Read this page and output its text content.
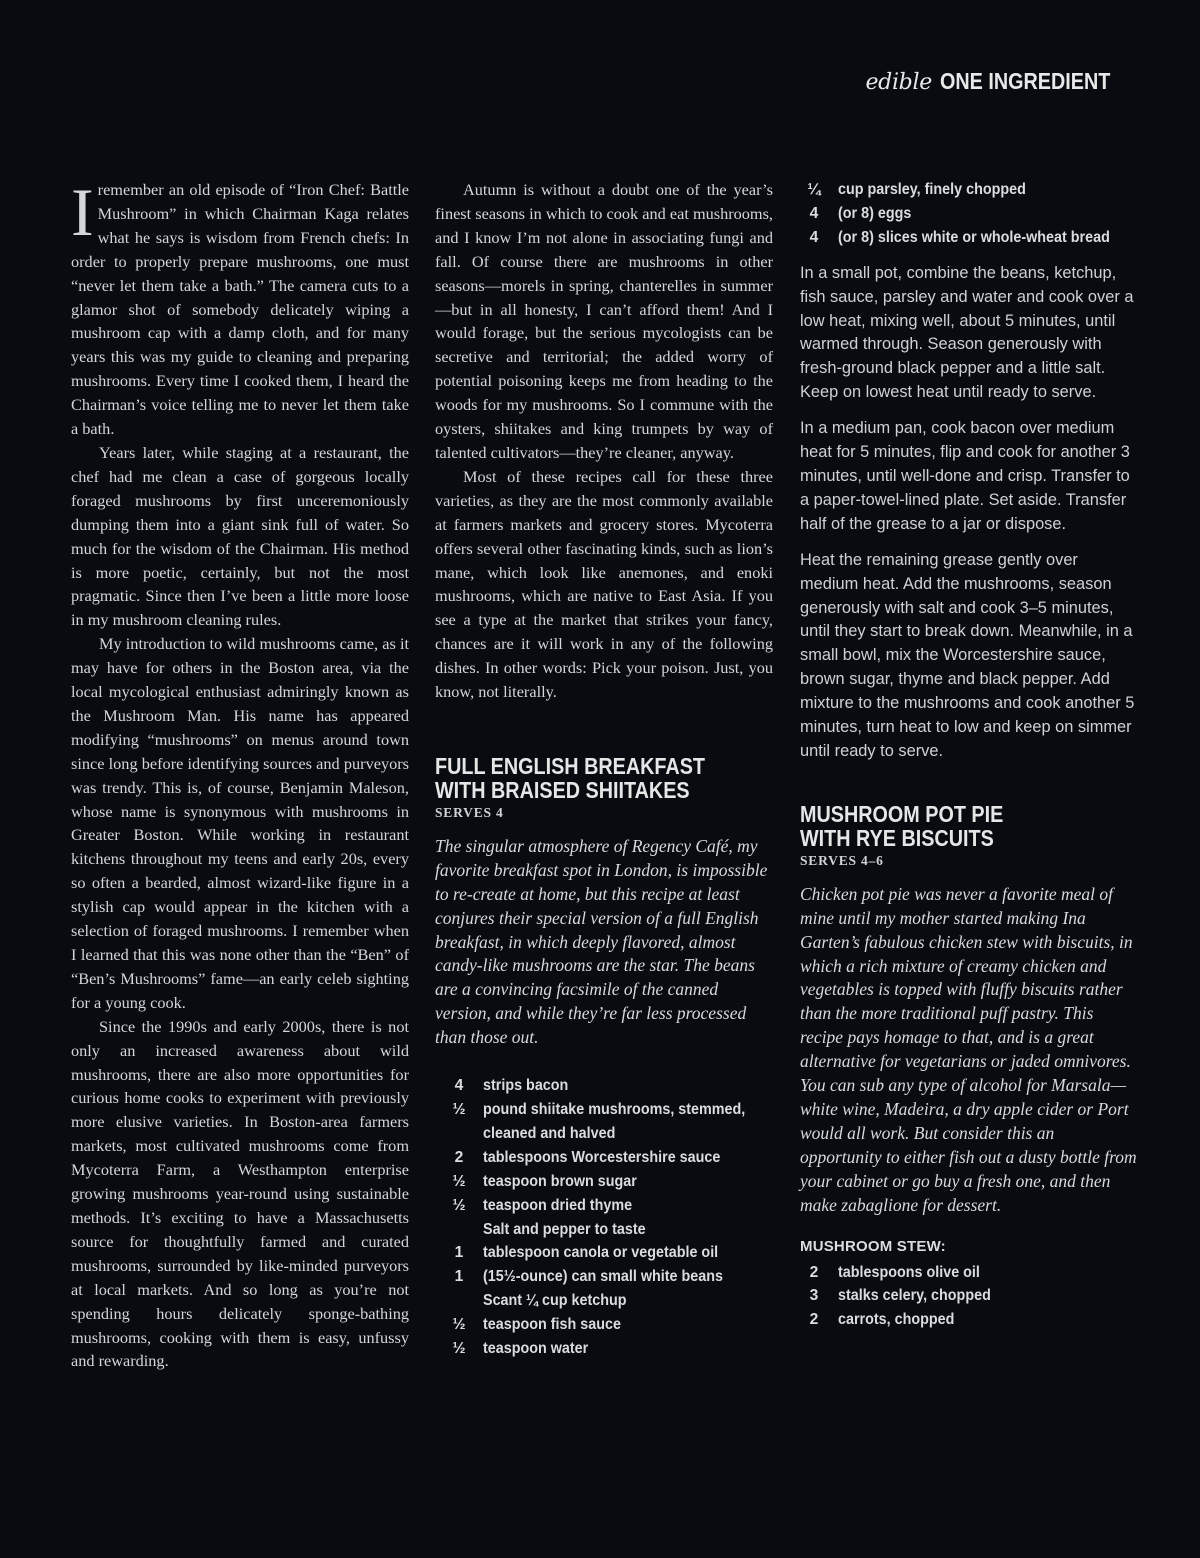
edible ONE INGREDIENT

Iremember an old episode of “Iron Chef: Battle Mushroom” in which Chairman Kaga relates what he says is wisdom from French chefs: In order to properly prepare mushrooms, one must “never let them take a bath.” The camera cuts to a glamor shot of somebody delicately wiping a mushroom cap with a damp cloth, and for many years this was my guide to cleaning and preparing mushrooms. Every time I cooked them, I heard the Chairman’s voice telling me to never let them take a bath.

Years later, while staging at a restaurant, the chef had me clean a case of gorgeous locally foraged mushrooms by first unceremoniously dumping them into a giant sink full of water. So much for the wisdom of the Chairman. His method is more poetic, certainly, but not the most pragmatic. Since then I’ve been a little more loose in my mushroom cleaning rules.

My introduction to wild mushrooms came, as it may have for others in the Boston area, via the local mycological enthusiast admiringly known as the Mushroom Man. His name has appeared modifying “mushrooms” on menus around town since long before identifying sources and purveyors was trendy. This is, of course, Benjamin Maleson, whose name is synonymous with mushrooms in Greater Boston. While working in restaurant kitchens throughout my teens and early 20s, every so often a bearded, almost wizard-like figure in a stylish cap would appear in the kitchen with a selection of foraged mushrooms. I remember when I learned that this was none other than the “Ben” of “Ben’s Mushrooms” fame—an early celeb sighting for a young cook.

Since the 1990s and early 2000s, there is not only an increased awareness about wild mushrooms, there are also more opportunities for curious home cooks to experiment with previously more elusive varieties. In Boston-area farmers markets, most cultivated mushrooms come from Mycoterra Farm, a Westhampton enterprise growing mushrooms year-round using sustainable methods. It’s exciting to have a Massachusetts source for thoughtfully farmed and curated mushrooms, surrounded by like-minded purveyors at local markets. And so long as you’re not spending hours delicately sponge-bathing mushrooms, cooking with them is easy, unfussy and rewarding.

Autumn is without a doubt one of the year’s finest seasons in which to cook and eat mushrooms, and I know I’m not alone in associating fungi and fall. Of course there are mushrooms in other seasons—morels in spring, chanterelles in summer—but in all honesty, I can’t afford them! And I would forage, but the serious mycologists can be secretive and territorial; the added worry of potential poisoning keeps me from heading to the woods for my mushrooms. So I commune with the oysters, shiitakes and king trumpets by way of talented cultivators—they’re cleaner, anyway.

Most of these recipes call for these three varieties, as they are the most commonly available at farmers markets and grocery stores. Mycoterra offers several other fascinating kinds, such as lion’s mane, which look like anemones, and enoki mushrooms, which are native to East Asia. If you see a type at the market that strikes your fancy, chances are it will work in any of the following dishes. In other words: Pick your poison. Just, you know, not literally.

FULL ENGLISH BREAKFAST
WITH BRAISED SHIITAKES
SERVES 4

The singular atmosphere of Regency Café, my favorite breakfast spot in London, is impossible to re-create at home, but this recipe at least conjures their special version of a full English breakfast, in which deeply flavored, almost candy-like mushrooms are the star. The beans are a convincing facsimile of the canned version, and while they’re far less processed than those out.

4	strips bacon
½	pound shiitake mushrooms, stemmed,
cleaned and halved
2	tablespoons Worcestershire sauce
½	teaspoon brown sugar
½	teaspoon dried thyme
Salt and pepper to taste
1	tablespoon canola or vegetable oil
1	(15½-ounce) can small white beans
Scant ¼ cup ketchup
½	teaspoon fish sauce
½	teaspoon water
¼	cup parsley, finely chopped
4	(or 8) eggs
4	(or 8) slices white or whole-wheat bread

In a small pot, combine the beans, ketchup, fish sauce, parsley and water and cook over a low heat, mixing well, about 5 minutes, until warmed through. Season generously with fresh-ground black pepper and a little salt. Keep on lowest heat until ready to serve.

In a medium pan, cook bacon over medium heat for 5 minutes, flip and cook for another 3 minutes, until well-done and crisp. Transfer to a paper-towel-lined plate. Set aside. Transfer half of the grease to a jar or dispose.

Heat the remaining grease gently over medium heat. Add the mushrooms, season generously with salt and cook 3–5 minutes, until they start to break down. Meanwhile, in a small bowl, mix the Worcestershire sauce, brown sugar, thyme and black pepper. Add mixture to the mushrooms and cook another 5 minutes, turn heat to low and keep on simmer until ready to serve.

MUSHROOM POT PIE
WITH RYE BISCUITS
SERVES 4–6

Chicken pot pie was never a favorite meal of mine until my mother started making Ina Garten’s fabulous chicken stew with biscuits, in which a rich mixture of creamy chicken and vegetables is topped with fluffy biscuits rather than the more traditional puff pastry. This recipe pays homage to that, and is a great alternative for vegetarians or jaded omnivores. You can sub any type of alcohol for Marsala—white wine, Madeira, a dry apple cider or Port would all work. But consider this an opportunity to either fish out a dusty bottle from your cabinet or go buy a fresh one, and then make zabaglione for dessert.

MUSHROOM STEW:
2	tablespoons olive oil
3	stalks celery, chopped
2	carrots, chopped
